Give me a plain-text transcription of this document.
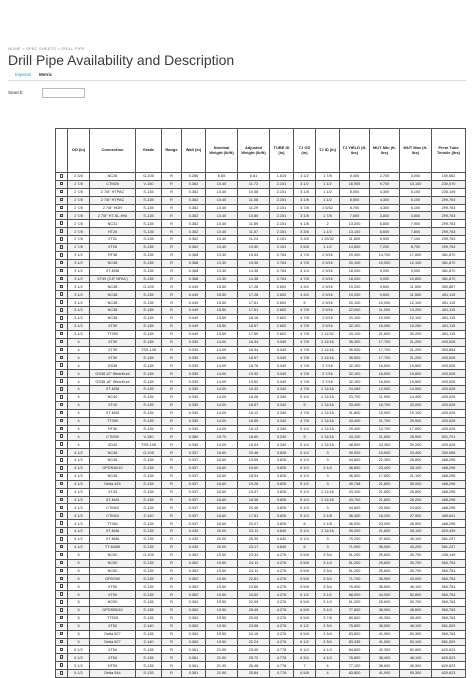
HOME > SPEC SHEETS > DRILL PIPE
Drill Pipe Availability and Description
Imperial Metric
Search:
	OD (in)	Connection	Grade	Range	Wall (in)	Nominal Weight (lb/ft)	Adjusted Weight (lb/ft)	TUBE ID (in)	TJ OD (in)	TJ ID (in)	TJ YIELD (ft-lbs)	MUT Min (ft-lbs)	MUT Max (ft-lbs)	Prem Tube Tensile (lbs)
	2 3/8	NC26	G-105	R	0.280	6.65	6.81	1.815	3 1/2	1 7/8	5,400	2,700	3,000	150,662
	2 7/8	CTM26	V-150	R	0.362	10.40	11.72	2.151	3 1/2	1 1/2	16,905	9,700	10,100	230,070
	2 7/8	2 7/8" HTPAC	S-135	R	0.362	10.40	10.58	2.151	3 1/8	1 1/2	8,500	4,300	5,100	235,149
	2 7/8	2 7/8" HTPAC	S-135	R	0.362	10.40	11.08	2.151	3 1/8	1 1/2	8,500	4,300	5,100	299,763
	2 7/8	2 7/8" HOH	S-135	R	0.362	10.40	11.29	2.151	3 7/8	2 5/32	8,700	4,300	5,100	299,763
	2 7/8	2 7/8" HT-SL-HNI	S-135	R	0.362	10.40	10.80	2.151	3 1/8	1 7/8	7,600	3,800	4,600	299,763
	2 7/8	NC31	S-135	R	0.362	10.40	11.89	2.151	4 1/8	2	13,200	6,600	7,900	299,763
	2 7/8	HT26	S-135	R	0.362	10.40	11.57	2.151	3 3/8	1 1/2	13,100	6,600	7,800	299,763
	2 7/8	XT31	S-135	R	0.362	10.40	11.24	2.151	3 3/8	1 23/32	11,800	5,900	7,100	299,763
	2 7/8	XT26	S-135	R	0.362	10.40	10.50	2.151	3 5/8	1 1/2	14,500	7,200	8,700	299,763
	3 1/2	HT38	S-135	R	0.368	13.30	15.54	2.764	4 7/8	2 9/16	29,400	14,700	17,600	381,870
	3 1/2	NC38	S-135	R	0.368	13.30	15.36	2.764	4 7/8	2 9/16	20,100	10,000	12,100	381,870
	3 1/2	XT-M38	S-135	R	0.368	13.30	14.36	2.764	4 1/4	2 9/16	18,000	9,000	9,000	381,870
	3 1/2	XT39 (3.5" NPAC)	S-135	R	0.368	13.30	14.38	2.764	4 7/8	2 9/16	18,000	9,000	10,800	381,870
	3 1/2	NC38	G-105	R	0.449	15.50	17.28	2.602	4 3/4	2 9/16	19,200	9,600	11,500	350,867
	3 1/2	NC38	S-135	R	0.449	15.50	17.28	2.602	4 3/4	2 9/16	19,200	9,600	11,500	451,115
	3 1/2	NC38	S-135	R	0.449	15.50	17.61	2.602	5	2 9/16	20,100	10,000	12,100	451,115
	3 1/2	NC38	S-135	R	0.449	15.50	17.61	2.602	4 7/8	2 9/16	22,000	11,000	13,200	451,115
	3 1/2	NC38	S-135	R	0.449	15.50	16.16	2.602	4 7/8	2 9/16	20,100	10,000	12,100	451,115
	3 1/2	XT39	S-135	R	0.449	15.50	16.57	2.602	4 7/8	2 9/16	32,100	16,050	19,260	451,115
	3 1/2	TT390	S-135	R	0.449	15.50	17.50	2.602	4 7/8	2 11/32	43,100	21,600	30,200	451,115
	4	XT39	S-135	R	0.330	14.00	16.34	3.340	4 7/8	2 11/16	35,300	17,700	21,200	403,526
	4	XT39	TSS-135	R	0.330	14.00	16.34	3.340	4 7/8	2 11/16	35,500	17,700	21,200	353,854
	4	XT39	S-135	R	0.330	14.00	16.57	3.340	4 7/8	2 11/16	35,500	17,700	21,200	403,526
	4	DS38	S-135	R	0.330	14.00	16.76	3.340	4 7/8	2 7/16	32,100	16,500	19,800	403,526
	4	GS38 12" WearKnot	S-135	R	0.330	14.00	19.32	3.340	4 7/8	2 7/16	32,100	16,500	19,800	403,526
	4	GS38 18" WearKnot	S-135	R	0.330	14.00	19.52	3.340	4 7/8	2 7/16	32,100	16,500	19,800	403,526
	4	XT-M38	S-135	R	0.330	14.00	16.32	3.340	4 7/8	2 11/16	24,089	12,000	14,500	403,526
	4	NC40	S-135	R	0.330	14.00	16.26	3.340	5 1/4	2 11/16	23,700	11,900	14,400	403,526
	4	XT40	S-135	R	0.330	14.00	16.57	3.340	5	2 11/16	33,400	16,700	20,000	403,526
	4	XT-M39	S-135	R	0.330	14.00	16.12	3.340	4 7/8	2 11/16	31,800	15,900	19,100	403,526
	4	TT390	S-135	R	0.330	14.00	16.55	3.340	4 7/8	2 11/16	43,400	21,700	29,900	403,526
	4	HT40	S-135	R	0.330	14.00	16.13	3.340	5 1/4	2 11/16	29,400	14,700	17,600	403,526
	4	CTM39	V-150	R	0.380	15.70	18.60	3.240	5	2 11/16	43,100	21,600	25,900	501,701
	4	XD40	TSS-105	R	0.330	14.00	16.54	3.340	5 1/4	2 11/16	48,600	24,300	29,200	403,526
	4 1/2	NC46	G-105	R	0.337	16.60	20.46	3.826	6 1/4	3	39,000	19,500	23,400	330,558
	4 1/2	NC46	S-135	R	0.337	16.60	19.55	3.826	6 1/4	3	44,600	22,300	26,800	468,296
	4 1/2	GPDS46/10	S-135	R	0.337	16.60	19.60	3.826	6 1/4	3 1/4	46,800	23,400	28,100	468,296
	4 1/2	NC46	S-135	R	0.337	16.60	18.94	3.826	6 1/4	3	36,500	17,600	21,100	468,296
	4 1/2	Delta 425	S-135	R	0.337	16.60	19.26	3.826	5 1/2	3	49,748	21,800	35,000	468,296
	4 1/2	XT43	S-135	R	0.337	16.60	19.47	3.826	5 1/4	2 11/16	43,100	21,600	25,800	468,296
	4 1/2	XT-M43	S-135	R	0.337	16.60	18.36	3.826	5 1/4	2 11/16	43,700	21,800	26,200	468,296
	4 1/2	CTM43	S-135	R	0.337	16.60	20.46	3.826	5 1/4	3	44,600	20,500	24,600	468,296
	4 1/2	CTM43	Z-140	R	0.337	16.60	17.81	3.826	5 1/4	3 1/8	36,400	18,200	27,900	485,641
	4 1/2	TT461	S-135	R	0.337	16.60	20.07	3.826	6	3 1/8	46,000	23,000	28,900	468,296
	4 1/2	XT-M46	S-135	R	0.430	20.00	23.11	3.640	5 1/4	2 11/16	39,200	21,600	28,100	620,439
	4 1/2	XT-M46	S-135	R	0.430	20.00	25.39	3.640	6 1/4	3	75,200	37,600	45,100	581,247
	4 1/2	TT-M465	S-135	R	0.430	20.00	23.17	3.640	6	3	71,900	36,000	43,200	581,247
	5	NC50	G-105	R	0.362	19.50	23.34	4.276	6 5/8	3 3/4	51,200	25,600	30,700	436,149
	5	NC50	S-135	R	0.362	19.50	24.11	4.276	6 5/8	3 1/4	51,200	25,600	30,700	560,763
	5	NC50	S-135	R	0.362	19.50	24.11	4.276	6 5/8	3 3/4	51,200	25,600	30,700	560,763
	5	GPDS50	S-135	R	0.362	19.50	22.81	4.276	6 5/8	3 3/4	71,700	35,900	43,000	560,763
	5	XT50	S-135	R	0.362	19.50	23.65	4.276	6 5/8	3 3/4	76,900	38,500	46,100	560,763
	5	XT50	S-135	R	0.362	19.50	24.52	4.276	6 1/2	3 1/2	88,000	44,000	52,800	560,763
	5	NC50	S-135	R	0.362	19.50	22.99	4.276	6 5/8	3 1/4	51,200	25,600	30,700	560,763
	5	GPDS55/10	S-135	R	0.362	19.50	26.49	4.276	6 5/8	3 1/4	77,800	38,900	46,600	560,763
	5	TT525	S-135	R	0.362	19.50	25.05	4.276	6 5/8	3 7/8	80,600	40,300	48,400	560,763
	5	XT50	Z-140	R	0.362	19.50	23.58	4.276	6 1/2	3 3/4	75,800	38,500	46,100	581,529
	5	Delta 527	S-135	R	0.362	19.50	24.16	4.276	6 5/8	3 3/4	83,800	41,900	50,300	560,763
	5	Delta 527	Z-140	R	0.362	19.50	22.24	4.276	6 1/2	3 3/4	83,335	41,500	50,100	581,529
	5 1/2	XT54	S-135	R	0.361	21.90	25.40	4.778	6 1/4	4 1/4	84,600	42,300	50,800	620,623
	5 1/2	XT54	S-135	R	0.361	21.90	25.72	4.778	6 3/4	4 1/4	76,800	38,400	46,100	620,623
	5 1/2	HT55	S-135	R	0.361	21.90	26.48	4.778	7	4	77,100	38,600	46,300	620,623
	5 1/2	Delta 544	S-135	R	0.361	21.90	25.84	4.778	6 5/8	4	83,800	41,900	50,300	620,623
